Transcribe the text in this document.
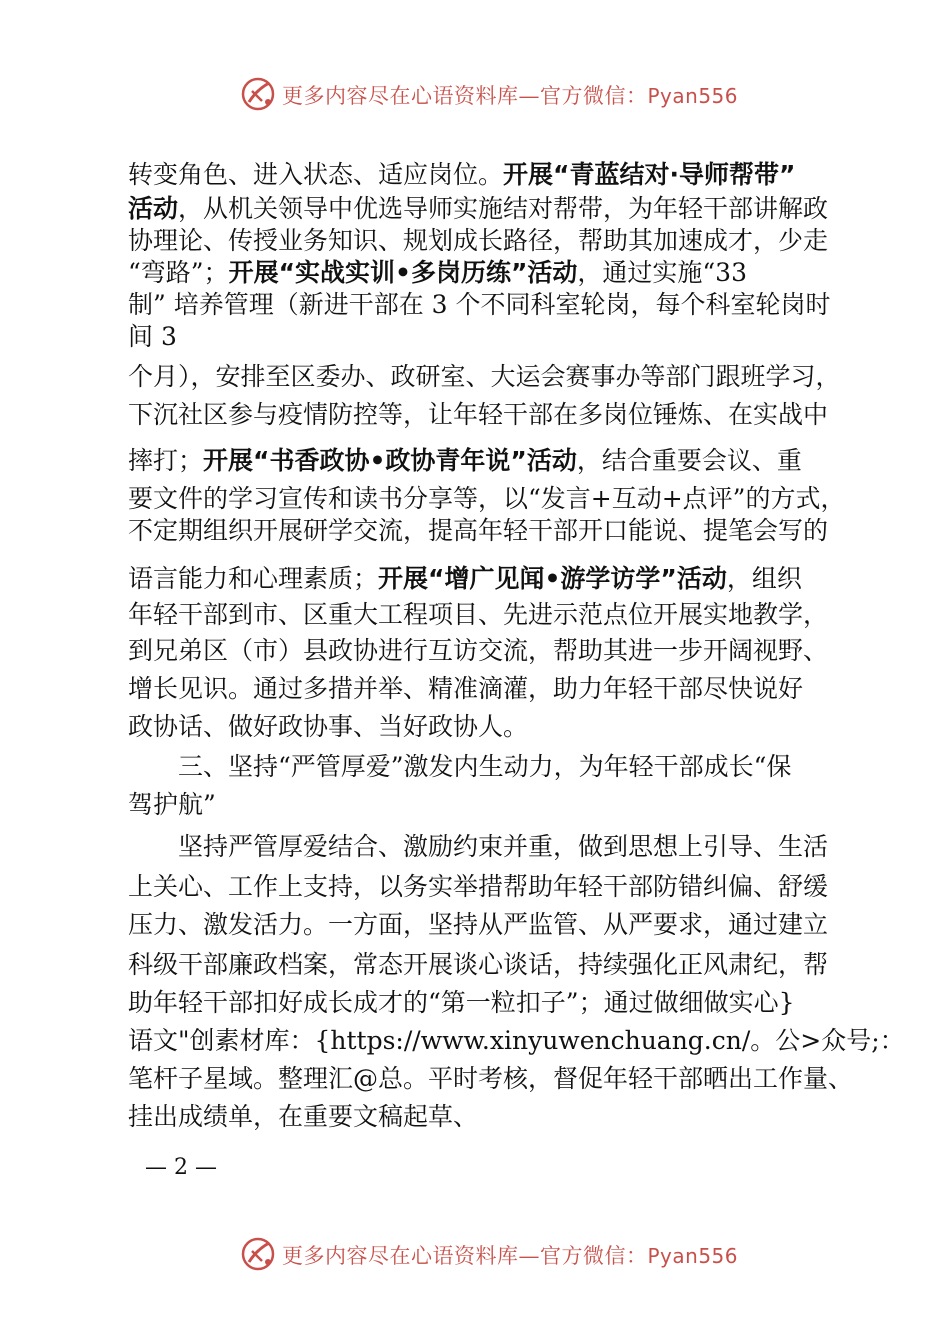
更多内容尽在心语资料库—官方微信：Pyan556
转变角色、进入状态、适应岗位。开展“青蓝结对·导师帮带”
活动，从机关领导中优选导师实施结对帮带，为年轻干部讲解政
协理论、传授业务知识、规划成长路径，帮助其加速成才，少走
“弯路”；开展“实战实训•多岗历练”活动，通过实施“33
制” 培养管理（新进干部在 3 个不同科室轮岗，每个科室轮岗时
间 3
个月），安排至区委办、政研室、大运会赛事办等部门跟班学习，
下沉社区参与疫情防控等，让年轻干部在多岗位锤炼、在实战中
摔打；开展“书香政协•政协青年说”活动，结合重要会议、重
要文件的学习宣传和读书分享等，以“发言+互动+点评”的方式，
不定期组织开展研学交流，提高年轻干部开口能说、提笔会写的
语言能力和心理素质；开展“增广见闻•游学访学”活动，组织
年轻干部到市、区重大工程项目、先进示范点位开展实地教学，
到兄弟区（市）县政协进行互访交流，帮助其进一步开阔视野、
增长见识。通过多措并举、精准滴灌，助力年轻干部尽快说好
政协话、做好政协事、当好政协人。
三、坚持“严管厚爱”激发内生动力，为年轻干部成长“保
驾护航”
坚持严管厚爱结合、激励约束并重，做到思想上引导、生活
上关心、工作上支持，以务实举措帮助年轻干部防错纠偏、舒缓
压力、激发活力。一方面，坚持从严监管、从严要求，通过建立
科级干部廉政档案，常态开展谈心谈话，持续强化正风肃纪，帮
助年轻干部扣好成长成才的“第一粒扣子”；通过做细做实心}
语文"创素材库：{https://www.xinyuwenchuang.cn/。公>众号;：
笔杆子星域。整理汇@总。平时考核，督促年轻干部晒出工作量、
挂出成绩单，在重要文稿起草、
— 2 —
更多内容尽在心语资料库—官方微信：Pyan556
